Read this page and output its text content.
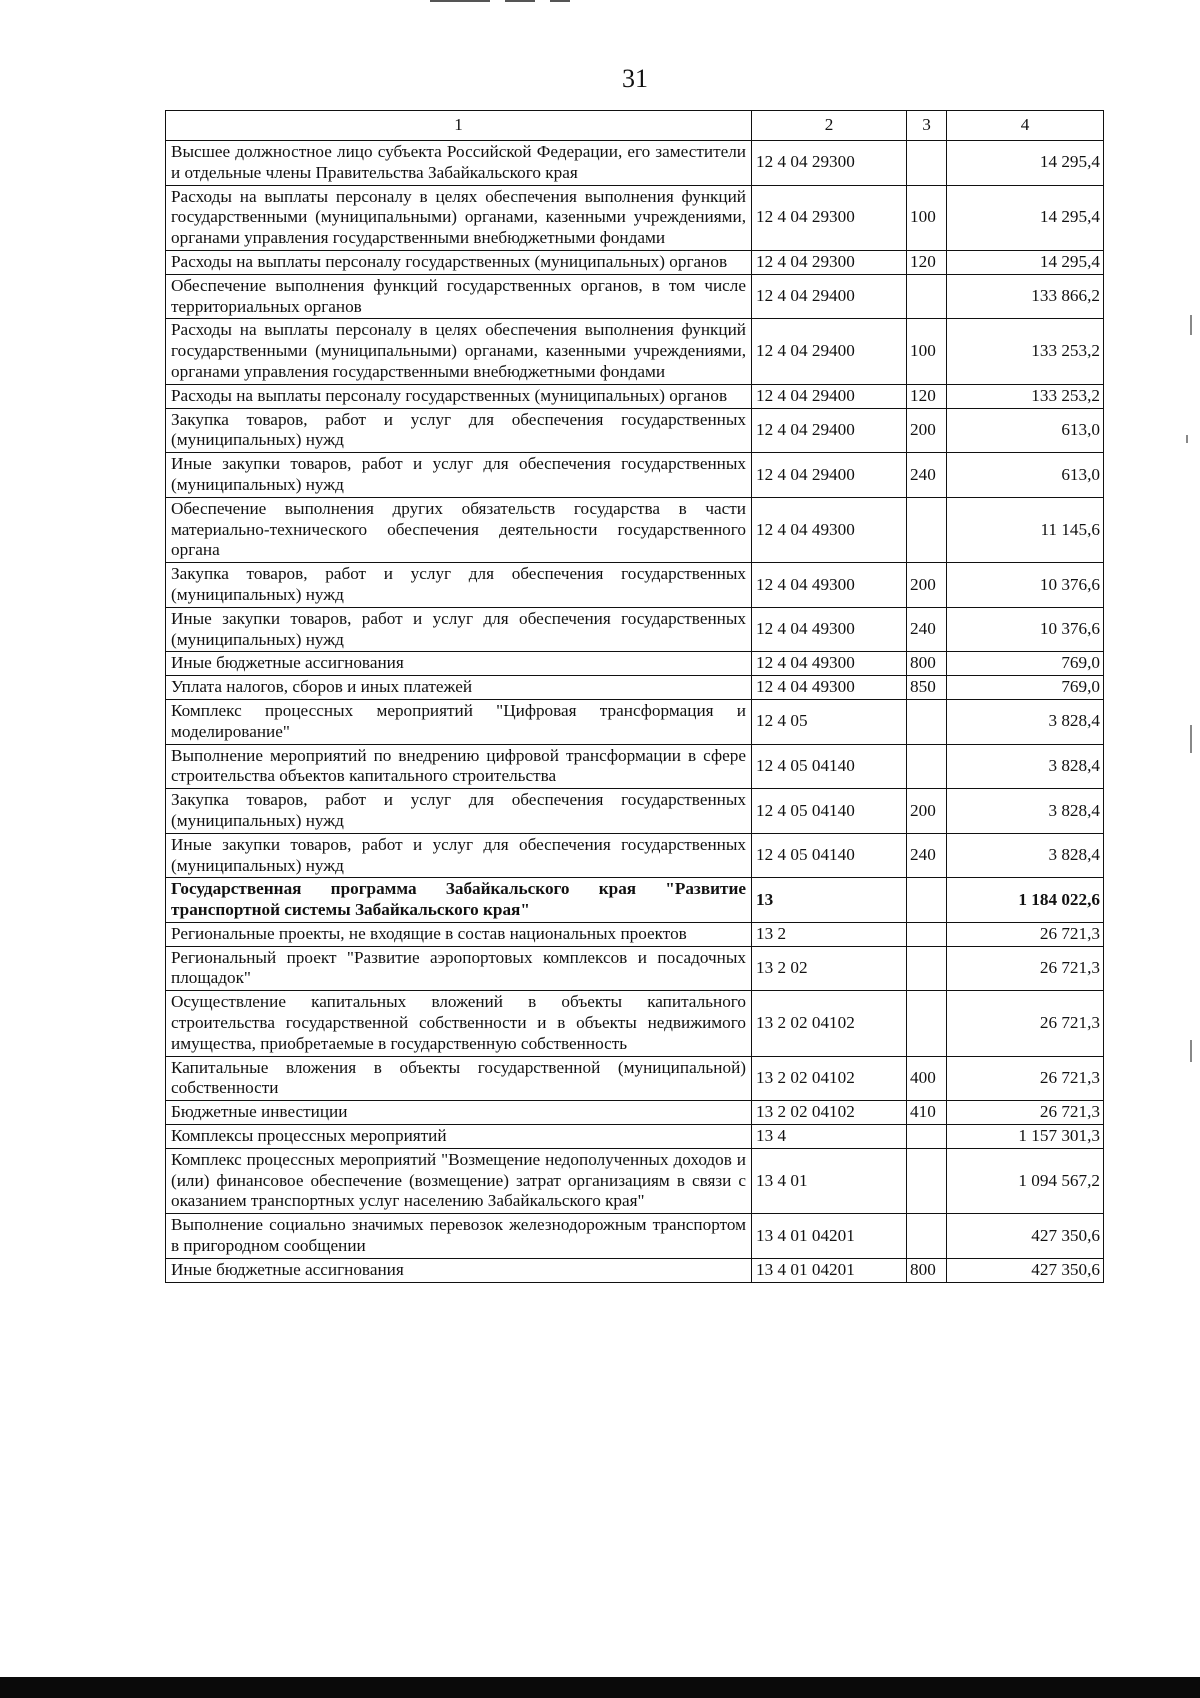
31
1	2	3	4
Высшее должностное лицо субъекта Российской Федерации, его заместители и отдельные члены Правительства Забайкальского края	12 4 04 29300		14 295,4
Расходы на выплаты персоналу в целях обеспечения выполнения функций государственными (муниципальными) органами, казенными учреждениями, органами управления государственными внебюджетными фондами	12 4 04 29300	100	14 295,4
Расходы на выплаты персоналу государственных (муниципальных) органов	12 4 04 29300	120	14 295,4
Обеспечение выполнения функций государственных органов, в том числе территориальных органов	12 4 04 29400		133 866,2
Расходы на выплаты персоналу в целях обеспечения выполнения функций государственными (муниципальными) органами, казенными учреждениями, органами управления государственными внебюджетными фондами	12 4 04 29400	100	133 253,2
Расходы на выплаты персоналу государственных (муниципальных) органов	12 4 04 29400	120	133 253,2
Закупка товаров, работ и услуг для обеспечения государственных (муниципальных) нужд	12 4 04 29400	200	613,0
Иные закупки товаров, работ и услуг для обеспечения государственных (муниципальных) нужд	12 4 04 29400	240	613,0
Обеспечение выполнения других обязательств государства в части материально-технического обеспечения деятельности государственного органа	12 4 04 49300		11 145,6
Закупка товаров, работ и услуг для обеспечения государственных (муниципальных) нужд	12 4 04 49300	200	10 376,6
Иные закупки товаров, работ и услуг для обеспечения государственных (муниципальных) нужд	12 4 04 49300	240	10 376,6
Иные бюджетные ассигнования	12 4 04 49300	800	769,0
Уплата налогов, сборов и иных платежей	12 4 04 49300	850	769,0
Комплекс процессных мероприятий "Цифровая трансформация и моделирование"	12 4 05		3 828,4
Выполнение мероприятий по внедрению цифровой трансформации в сфере строительства объектов капитального строительства	12 4 05 04140		3 828,4
Закупка товаров, работ и услуг для обеспечения государственных (муниципальных) нужд	12 4 05 04140	200	3 828,4
Иные закупки товаров, работ и услуг для обеспечения государственных (муниципальных) нужд	12 4 05 04140	240	3 828,4
Государственная программа Забайкальского края "Развитие транспортной системы Забайкальского края"	13		1 184 022,6
Региональные проекты, не входящие в состав национальных проектов	13 2		26 721,3
Региональный проект "Развитие аэропортовых комплексов и посадочных площадок"	13 2 02		26 721,3
Осуществление капитальных вложений в объекты капитального строительства государственной собственности и в объекты недвижимого имущества, приобретаемые в государственную собственность	13 2 02 04102		26 721,3
Капитальные вложения в объекты государственной (муниципальной) собственности	13 2 02 04102	400	26 721,3
Бюджетные инвестиции	13 2 02 04102	410	26 721,3
Комплексы процессных мероприятий	13 4		1 157 301,3
Комплекс процессных мероприятий "Возмещение недополученных доходов и (или) финансовое обеспечение (возмещение) затрат организациям в связи с оказанием транспортных услуг населению Забайкальского края"	13 4 01		1 094 567,2
Выполнение социально значимых перевозок железнодорожным транспортом в пригородном сообщении	13 4 01 04201		427 350,6
Иные бюджетные ассигнования	13 4 01 04201	800	427 350,6
